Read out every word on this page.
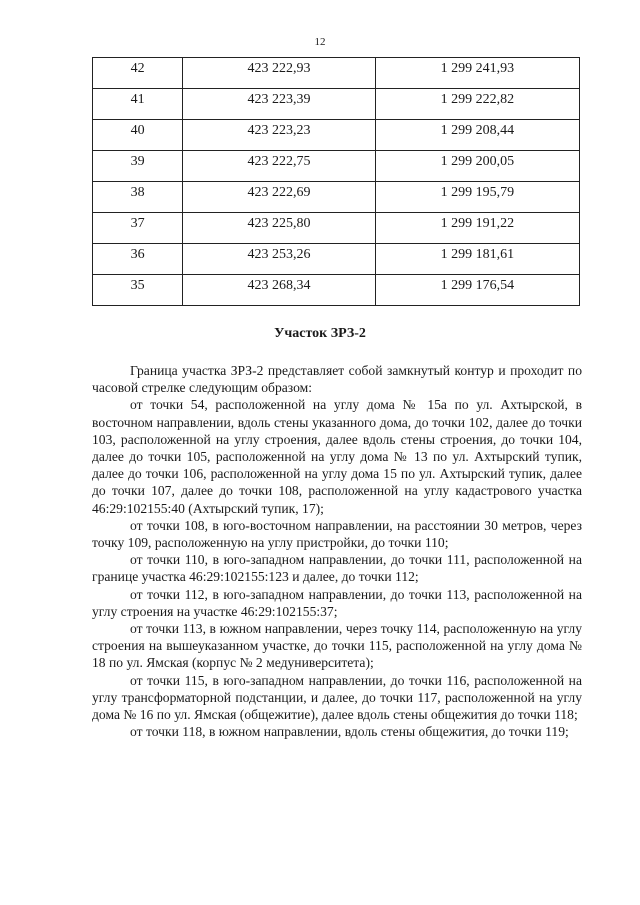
12
42	423 222,93	1 299 241,93
41	423 223,39	1 299 222,82
40	423 223,23	1 299 208,44
39	423 222,75	1 299 200,05
38	423 222,69	1 299 195,79
37	423 225,80	1 299 191,22
36	423 253,26	1 299 181,61
35	423 268,34	1 299 176,54
Участок ЗРЗ-2

Граница участка ЗРЗ-2 представляет собой замкнутый контур и проходит по часовой стрелке следующим образом:

от точки 54, расположенной на углу дома № 15а по ул. Ахтырской, в восточном направлении, вдоль стены указанного дома, до точки 102, далее до точки 103, расположенной на углу строения, далее вдоль стены строения, до точки 104, далее до точки 105, расположенной на углу дома № 13 по ул. Ахтырский тупик, далее до точки 106, расположенной на углу дома 15 по ул. Ахтырский тупик, далее до точки 107, далее до точки 108, расположенной на углу кадастрового участка 46:29:102155:40 (Ахтырский тупик, 17);

от точки 108, в юго-восточном направлении, на расстоянии 30 метров, через точку 109, расположенную на углу пристройки, до точки 110;

от точки 110, в юго-западном направлении, до точки 111, расположенной на границе участка 46:29:102155:123 и далее, до точки 112;

от точки 112, в юго-западном направлении, до точки 113, расположенной на углу строения на участке 46:29:102155:37;

от точки 113, в южном направлении, через точку 114, расположенную на углу строения на вышеуказанном участке, до точки 115, расположенной на углу дома № 18 по ул. Ямская (корпус № 2 медуниверситета);

от точки 115, в юго-западном направлении, до точки 116, расположенной на углу трансформаторной подстанции, и далее, до точки 117, расположенной на углу дома № 16 по ул. Ямская (общежитие), далее вдоль стены общежития до точки 118;

от точки 118, в южном направлении, вдоль стены общежития, до точки 119;
